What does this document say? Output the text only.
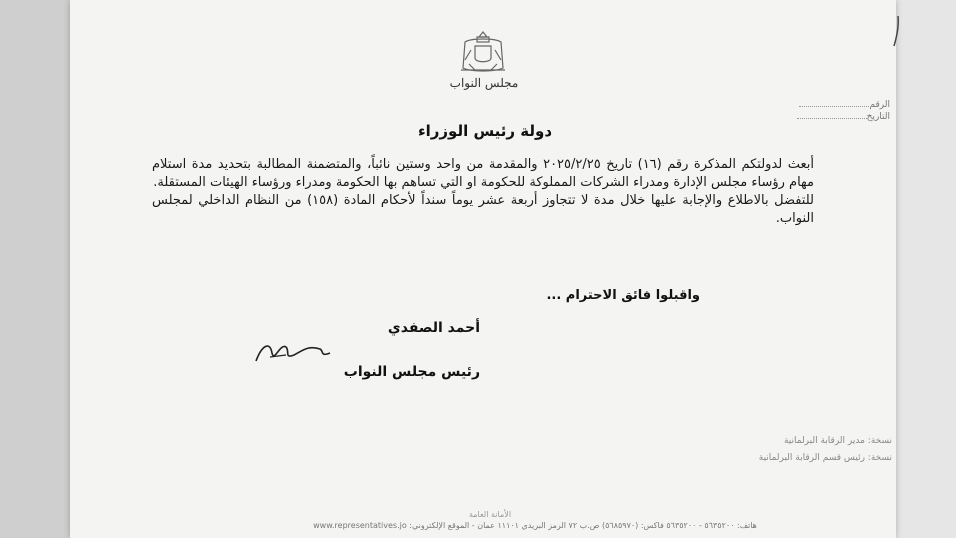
مجلس النواب
الرقم
التاريخ
دولة رئيس الوزراء

أبعث لدولتكم المذكرة رقم (١٦) تاريخ ٢٠٢٥/٢/٢٥ والمقدمة من واحد وستين نائباً، والمتضمنة المطالبة بتحديد مدة استلام مهام رؤساء مجلس الإدارة ومدراء الشركات المملوكة للحكومة او التي تساهم بها الحكومة ومدراء ورؤساء الهيئات المستقلة.

للتفضل بالاطلاع والإجابة عليها خلال مدة لا تتجاوز أربعة عشر يوماً سنداً لأحكام المادة (١٥٨) من النظام الداخلي لمجلس النواب.

واقبلوا فائق الاحترام ...
أحمد الصفدي
رئيس مجلس النواب
نسخة: مدير الرقابة البرلمانية
نسخة: رئيس قسم الرقابة البرلمانية
الأمانة العامة
هاتف: ٥٦٣٥٢٠٠ - ٥٦٣٥٢٠٠ فاكس: (٥٦٨٥٩٧٠) ص.ب ٧٢ الرمز البريدي ١١١٠١ عمان - الموقع الإلكتروني: www.representatives.jo
